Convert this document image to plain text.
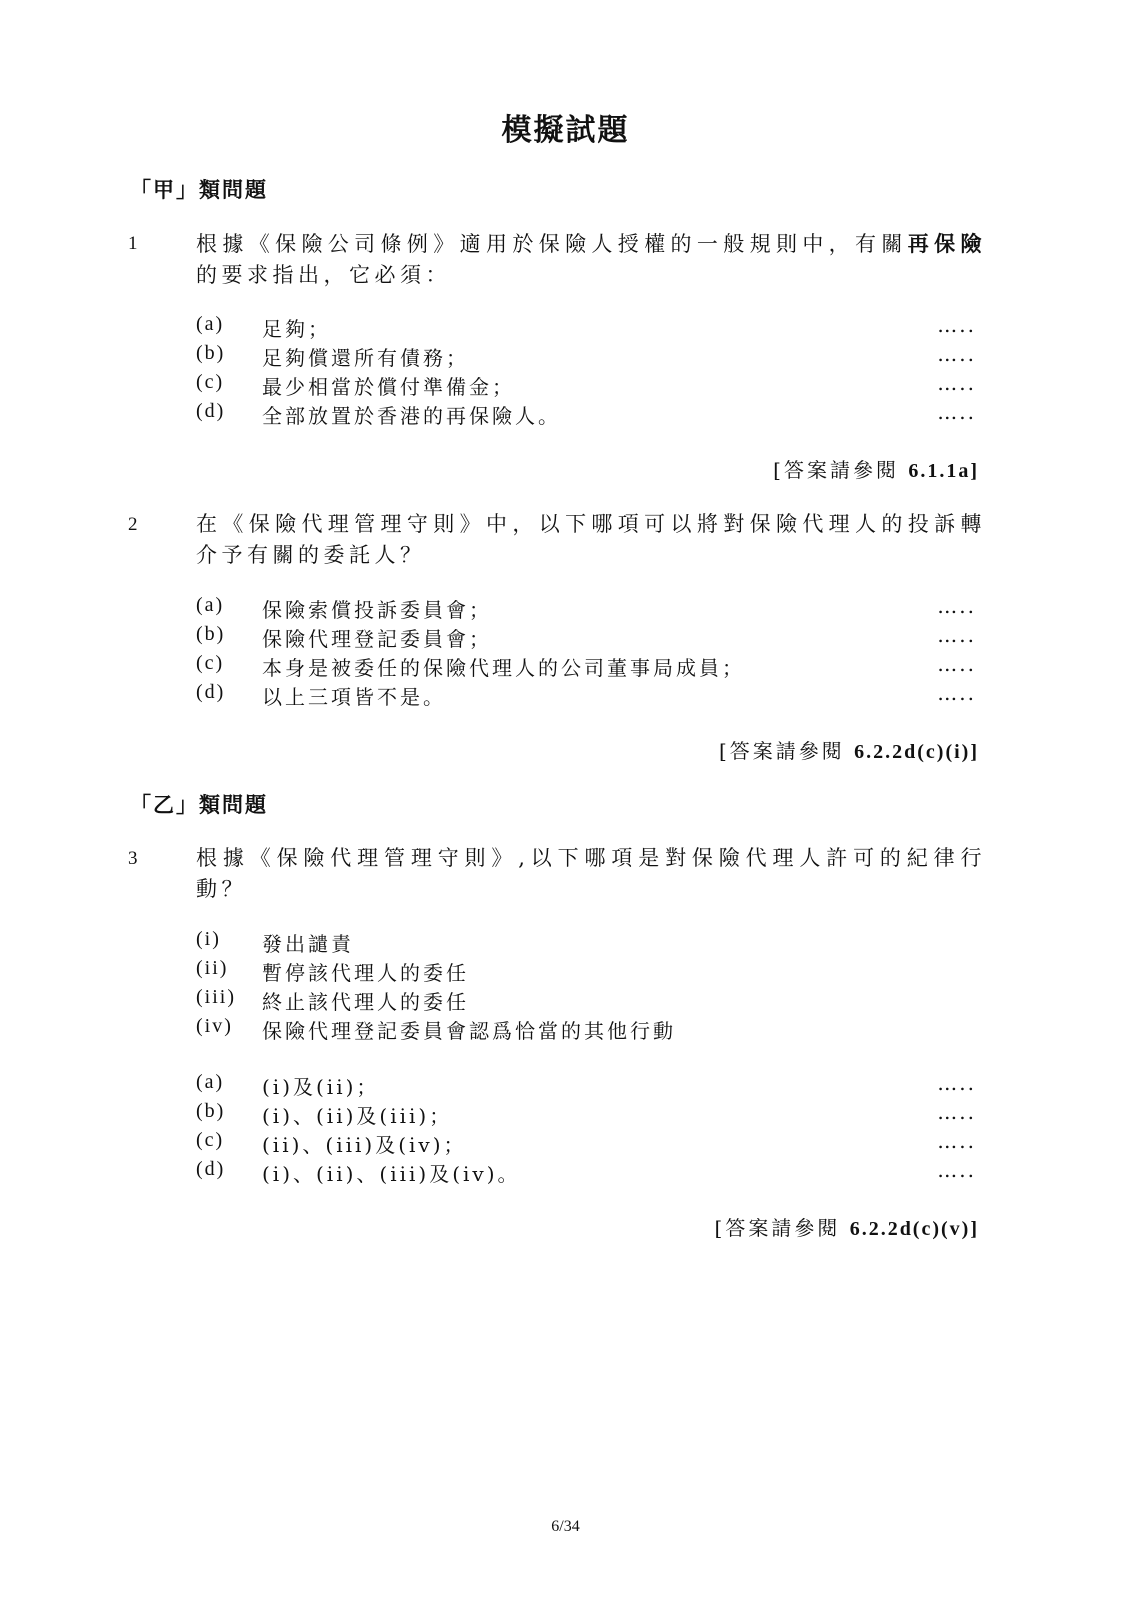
模擬試題
「甲」類問題
1	根據《保險公司條例》適用於保險人授權的一般規則中，有關再保險的要求指出，它必須：
(a) 足夠；	…..
(b) 足夠償還所有債務；	…..
(c) 最少相當於償付準備金；	…..
(d) 全部放置於香港的再保險人。	…..
[答案請參閱 6.1.1a]
2	在《保險代理管理守則》中，以下哪項可以將對保險代理人的投訴轉介予有關的委託人？
(a) 保險索償投訴委員會；	…..
(b) 保險代理登記委員會；	…..
(c) 本身是被委任的保險代理人的公司董事局成員；	…..
(d) 以上三項皆不是。	…..
[答案請參閱 6.2.2d(c)(i)]
「乙」類問題
3	根據《保險代理管理守則》,以下哪項是對保險代理人許可的紀律行動？
(i) 發出譴責
(ii) 暫停該代理人的委任
(iii) 終止該代理人的委任
(iv) 保險代理登記委員會認爲恰當的其他行動
(a) (i)及(ii)；	…..
(b) (i)、(ii)及(iii)；	…..
(c) (ii)、(iii)及(iv)；	…..
(d) (i)、(ii)、(iii)及(iv)。	…..
[答案請參閱 6.2.2d(c)(v)]
6/34
